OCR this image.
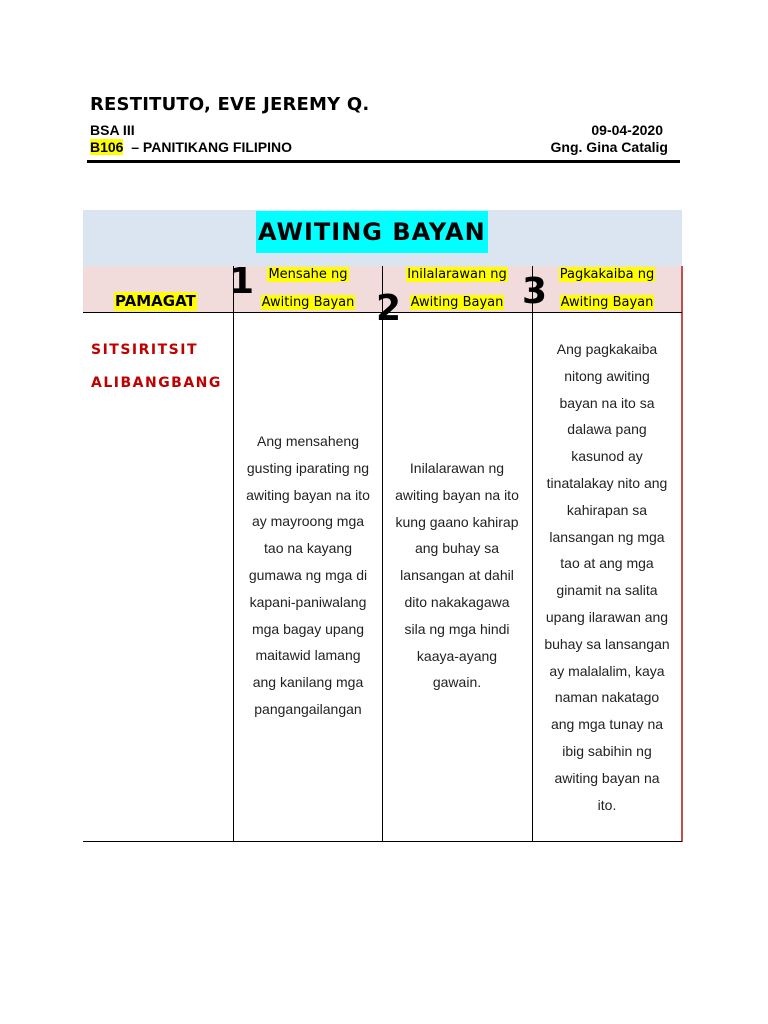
RESTITUTO, EVE JEREMY Q.
BSA III
B106 – PANITIKANG FILIPINO
09-04-2020
Gng. Gina Catalig
AWITING BAYAN
PAMAGAT 1
2	3
Mensahe ng
Awiting Bayan
Inilalarawan ng
Awiting Bayan
Pagkakaiba ng
Awiting Bayan
SITSIRITSIT
ALIBANGBANG
Ang mensaheng
gusting iparating ng
awiting bayan na ito
ay mayroong mga
tao na kayang
gumawa ng mga di
kapani-paniwalang
mga bagay upang
maitawid lamang
ang kanilang mga
pangangailangan
Inilalarawan ng
awiting bayan na ito
kung gaano kahirap
ang buhay sa
lansangan at dahil
dito nakakagawa
sila ng mga hindi
kaaya-ayang
gawain.
Ang pagkakaiba
nitong awiting
bayan na ito sa
dalawa pang
kasunod ay
tinatalakay nito ang
kahirapan sa
lansangan ng mga
tao at ang mga
ginamit na salita
upang ilarawan ang
buhay sa lansangan
ay malalalim, kaya
naman nakatago
ang mga tunay na
ibig sabihin ng
awiting bayan na
ito.
